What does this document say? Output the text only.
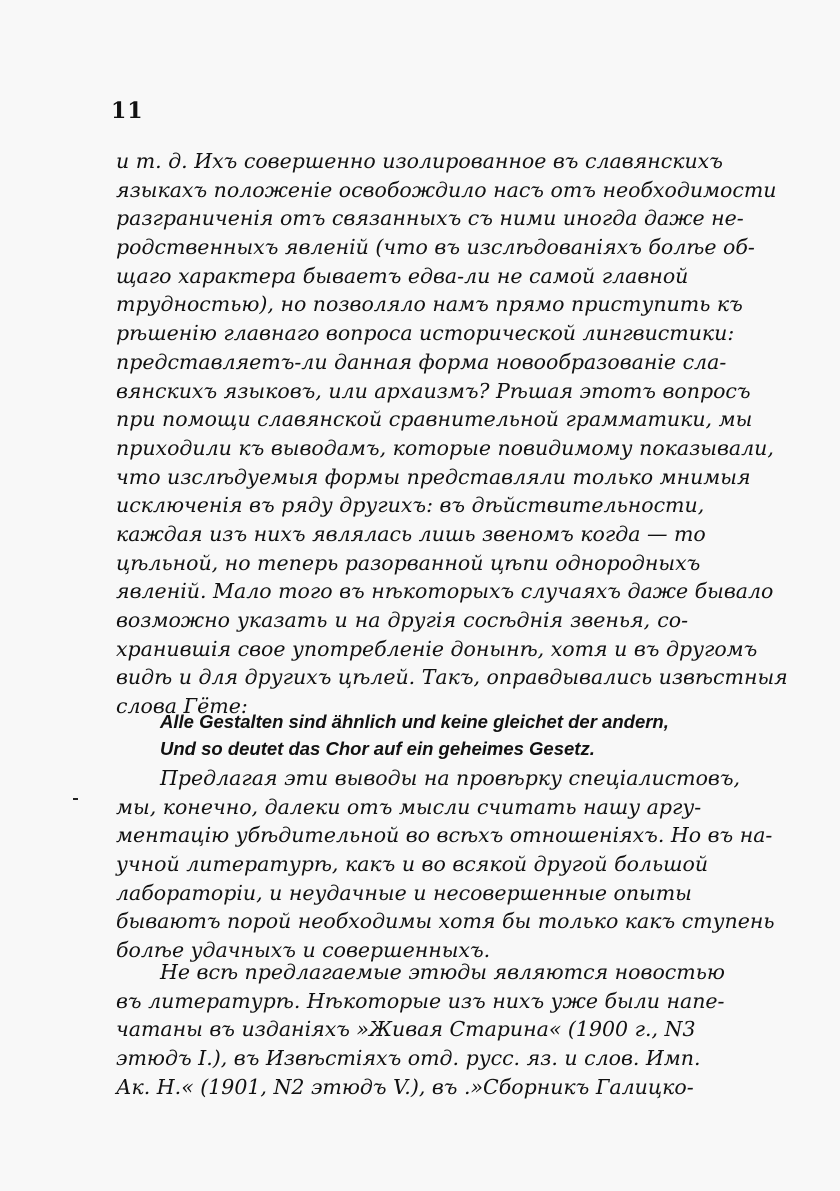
11
и т. д. Ихъ совершенно изолированное въ славянскихъ
языкахъ положенiе освобождило насъ отъ необходимости
разграниченiя отъ связанныхъ съ ними иногда даже не-
родственныхъ явленiй (что въ изслѣдованiяхъ болѣе об-
щаго характера бываетъ едва-ли не самой главной
трудностью), но позволяло намъ прямо приступить къ
рѣшенiю главнаго вопроса исторической лингвистики:
представляетъ-ли данная форма новообразованiе сла-
вянскихъ языковъ, или архаизмъ? Рѣшая этотъ вопросъ
при помощи славянской сравнительной грамматики, мы
приходили къ выводамъ, которые повидимому показывали,
что изслѣдуемыя формы представляли только мнимыя
исключенiя въ ряду другихъ: въ дѣйствительности,
каждая изъ нихъ являлась лишь звеномъ когда — то
цѣльной, но теперь разорванной цѣпи однородныхъ
явленiй. Мало того въ нѣкоторыхъ случаяхъ даже бывало
возможно указать и на другiя сосѣднiя звенья, со-
хранившiя свое употребленiе донынѣ, хотя и въ другомъ
видѣ и для другихъ цѣлей. Такъ, оправдывались извѣстныя
слова Гёте:
Alle Gestalten sind ähnlich und keine gleichet der andern,
Und so deutet das Chor auf ein geheimes Gesetz.
Предлагая эти выводы на провѣрку спецiалистовъ,
мы, конечно, далеки отъ мысли считать нашу аргу-
ментацiю убѣдительной во всѣхъ отношенiяхъ. Но въ на-
учной литературѣ, какъ и во всякой другой большой
лабораторiи, и неудачные и несовершенные опыты
бываютъ порой необходимы хотя бы только какъ ступень
болѣе удачныхъ и совершенныхъ.
Не всѣ предлагаемые этюды являются новостью
въ литературѣ. Нѣкоторые изъ нихъ уже были напе-
чатаны въ изданiяхъ »Живая Старина« (1900 г., N3
этюдъ I.), въ Извѣстiяхъ отд. русс. яз. и слов. Имп.
Ак. Н.« (1901, N2 этюдъ V.), въ .»Сборникъ Галицко-
